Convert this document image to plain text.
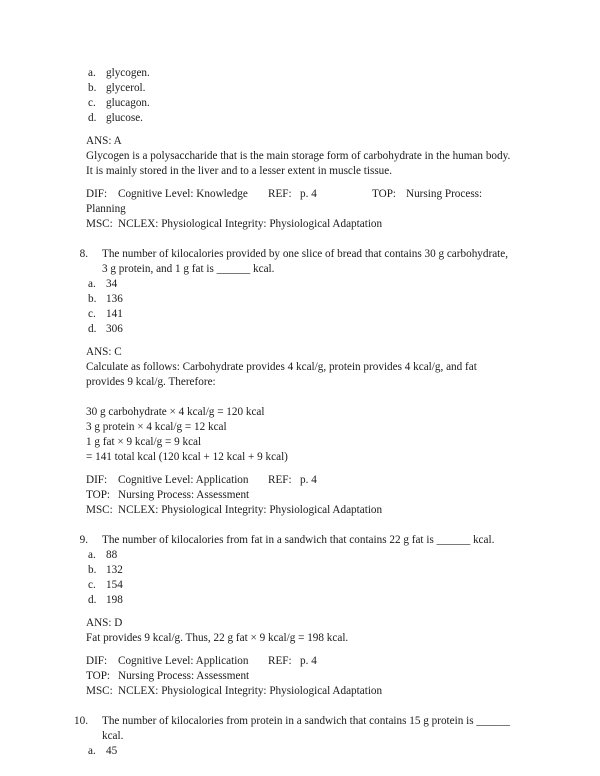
a. glycogen.
b. glycerol.
c. glucagon.
d. glucose.
ANS: A
Glycogen is a polysaccharide that is the main storage form of carbohydrate in the human body. It is mainly stored in the liver and to a lesser extent in muscle tissue.
DIF: Cognitive Level: Knowledge	REF: p. 4	TOP: Nursing Process:
Planning
MSC: NCLEX: Physiological Integrity: Physiological Adaptation
8. The number of kilocalories provided by one slice of bread that contains 30 g carbohydrate, 3 g protein, and 1 g fat is ______ kcal.
a. 34
b. 136
c. 141
d. 306
ANS: C
Calculate as follows: Carbohydrate provides 4 kcal/g, protein provides 4 kcal/g, and fat provides 9 kcal/g. Therefore:
30 g carbohydrate × 4 kcal/g = 120 kcal
3 g protein × 4 kcal/g = 12 kcal
1 g fat × 9 kcal/g = 9 kcal
= 141 total kcal (120 kcal + 12 kcal + 9 kcal)
DIF: Cognitive Level: Application	REF: p. 4
TOP: Nursing Process: Assessment
MSC: NCLEX: Physiological Integrity: Physiological Adaptation
9. The number of kilocalories from fat in a sandwich that contains 22 g fat is ______ kcal.
a. 88
b. 132
c. 154
d. 198
ANS: D
Fat provides 9 kcal/g. Thus, 22 g fat × 9 kcal/g = 198 kcal.
DIF: Cognitive Level: Application	REF: p. 4
TOP: Nursing Process: Assessment
MSC: NCLEX: Physiological Integrity: Physiological Adaptation
10. The number of kilocalories from protein in a sandwich that contains 15 g protein is ______ kcal.
a. 45
